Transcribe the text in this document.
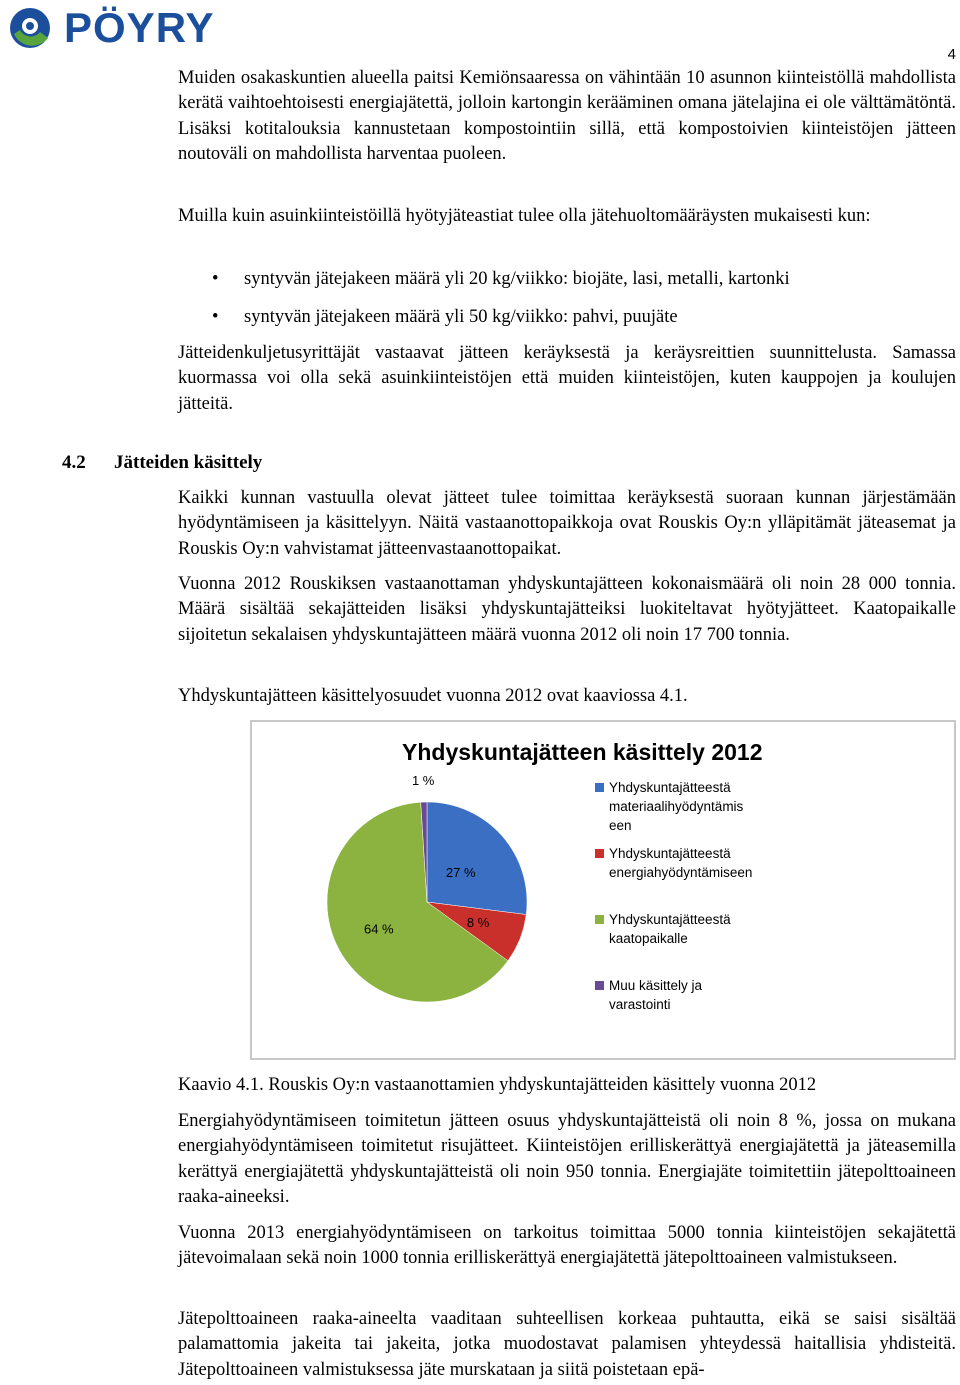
PÖYRY
4

Muiden osakaskuntien alueella paitsi Kemiönsaaressa on vähintään 10 asunnon kiinteistöllä mahdollista kerätä vaihtoehtoisesti energiajätettä, jolloin kartongin kerääminen omana jätelajina ei ole välttämätöntä. Lisäksi kotitalouksia kannustetaan kompostointiin sillä, että kompostoivien kiinteistöjen jätteen noutoväli on mahdollista harventaa puoleen.

Muilla kuin asuinkiinteistöillä hyötyjäteastiat tulee olla jätehuoltomääräysten mukaisesti kun:

• syntyvän jätejakeen määrä yli 20 kg/viikko: biojäte, lasi, metalli, kartonki
• syntyvän jätejakeen määrä yli 50 kg/viikko: pahvi, puujäte

Jätteidenkuljetusyrittäjät vastaavat jätteen keräyksestä ja keräysreittien suunnittelusta. Samassa kuormassa voi olla sekä asuinkiinteistöjen että muiden kiinteistöjen, kuten kauppojen ja koulujen jätteitä.

4.2 Jätteiden käsittely

Kaikki kunnan vastuulla olevat jätteet tulee toimittaa keräyksestä suoraan kunnan järjestämään hyödyntämiseen ja käsittelyyn. Näitä vastaanottopaikkoja ovat Rouskis Oy:n ylläpitämät jäteasemat ja Rouskis Oy:n vahvistamat jätteenvastaanottopaikat.

Vuonna 2012 Rouskiksen vastaanottaman yhdyskuntajätteen kokonaismäärä oli noin 28 000 tonnia. Määrä sisältää sekajätteiden lisäksi yhdyskuntajätteiksi luokiteltavat hyötyjätteet. Kaatopaikalle sijoitetun sekalaisen yhdyskuntajätteen määrä vuonna 2012 oli noin 17 700 tonnia.

Yhdyskuntajätteen käsittelyosuudet vuonna 2012 ovat kaaviossa 4.1.

Yhdyskuntajätteen käsittely 2012
27 %
8 %
64 %
1 %	Yhdyskuntajätteestä
materiaalihyödyntämis
een
Yhdyskuntajätteestä
energiahyödyntämiseen
Yhdyskuntajätteestä
kaatopaikalle
Muu käsittely ja
varastointi
Kaavio 4.1. Rouskis Oy:n vastaanottamien yhdyskuntajätteiden käsittely vuonna 2012

Energiahyödyntämiseen toimitetun jätteen osuus yhdyskuntajätteistä oli noin 8 %, jossa on mukana energiahyödyntämiseen toimitetut risujätteet. Kiinteistöjen erilliskerättyä energiajätettä ja jäteasemilla kerättyä energiajätettä yhdyskuntajätteistä oli noin 950 tonnia. Energiajäte toimitettiin jätepolttoaineen raaka-aineeksi.

Vuonna 2013 energiahyödyntämiseen on tarkoitus toimittaa 5000 tonnia kiinteistöjen sekajätettä jätevoimalaan sekä noin 1000 tonnia erilliskerättyä energiajätettä jätepolttoaineen valmistukseen.

Jätepolttoaineen raaka-aineelta vaaditaan suhteellisen korkeaa puhtautta, eikä se saisi sisältää palamattomia jakeita tai jakeita, jotka muodostavat palamisen yhteydessä haitallisia yhdisteitä. Jätepolttoaineen valmistuksessa jäte murskataan ja siitä poistetaan epä-
